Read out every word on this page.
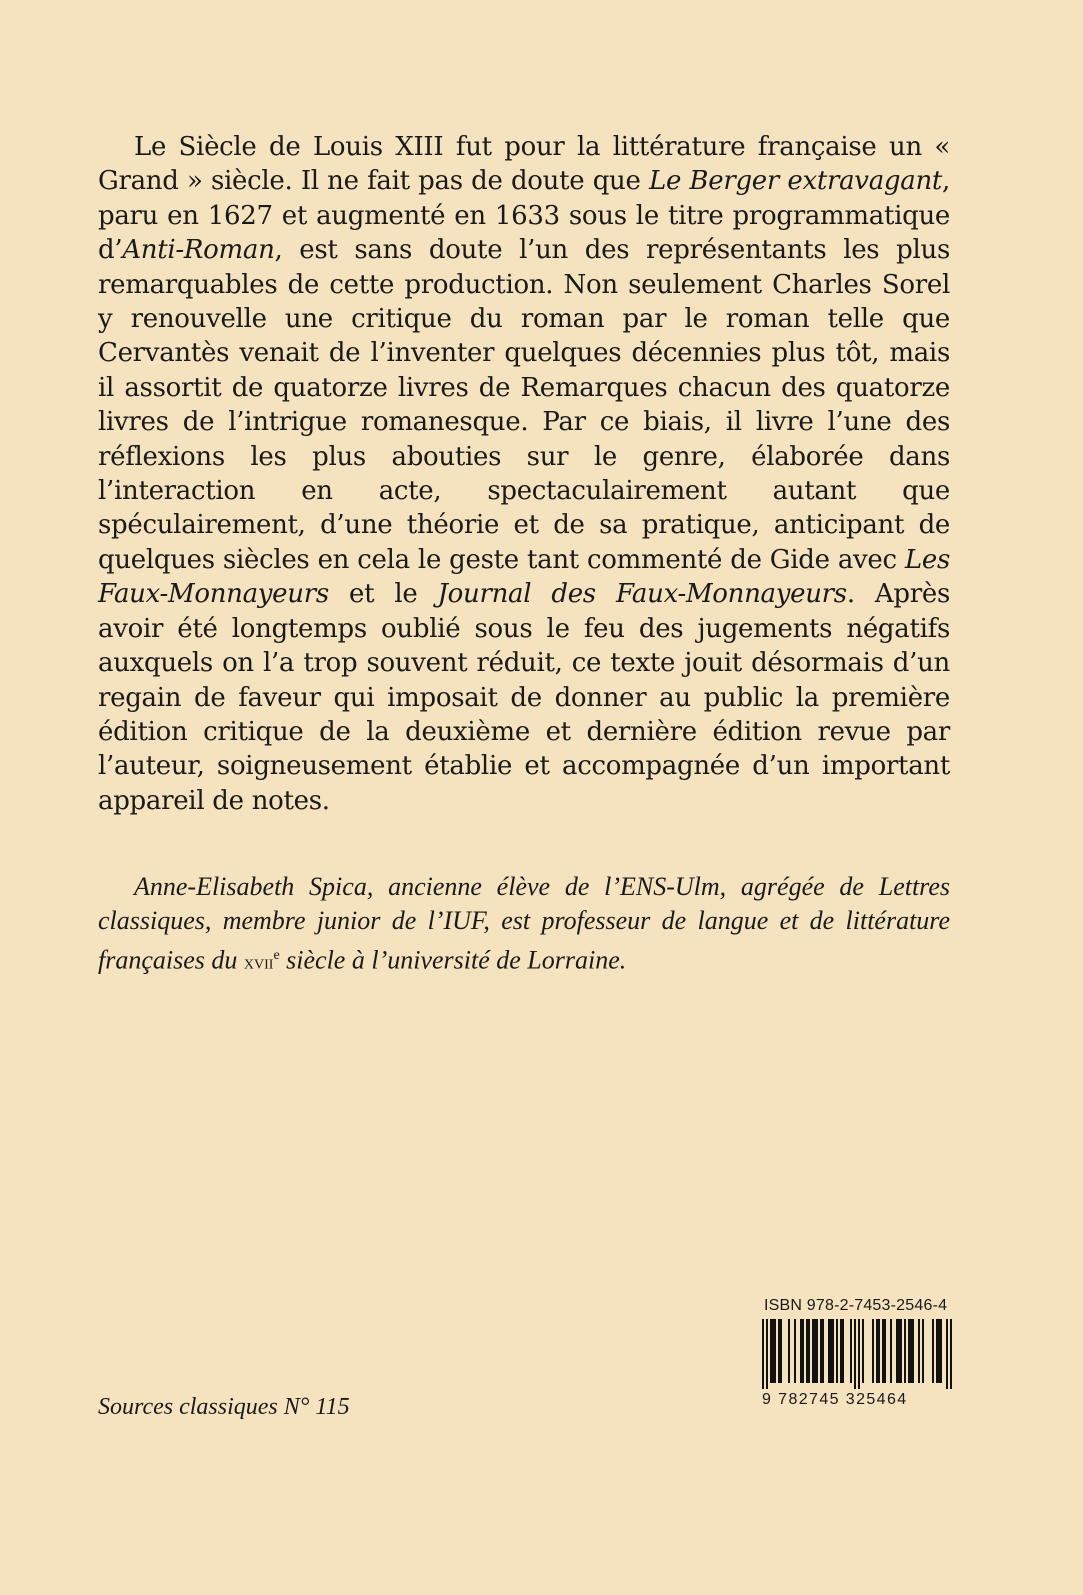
Le Siècle de Louis XIII fut pour la littérature française un « Grand » siècle. Il ne fait pas de doute que Le Berger extravagant, paru en 1627 et augmenté en 1633 sous le titre programmatique d’Anti-Roman, est sans doute l’un des représentants les plus remarquables de cette production. Non seulement Charles Sorel y renouvelle une critique du roman par le roman telle que Cervantès venait de l’inventer quelques décennies plus tôt, mais il assortit de quatorze livres de Remarques chacun des quatorze livres de l’intrigue romanesque. Par ce biais, il livre l’une des réflexions les plus abouties sur le genre, élaborée dans l’interaction en acte, spectaculairement autant que spéculairement, d’une théorie et de sa pratique, anticipant de quelques siècles en cela le geste tant commenté de Gide avec Les Faux-Monnayeurs et le Journal des Faux-Monnayeurs. Après avoir été longtemps oublié sous le feu des jugements négatifs auxquels on l’a trop souvent réduit, ce texte jouit désormais d’un regain de faveur qui imposait de donner au public la première édition critique de la deuxième et dernière édition revue par l’auteur, soigneusement établie et accompagnée d’un important appareil de notes.

Anne-Elisabeth Spica, ancienne élève de l’ENS-Ulm, agrégée de Lettres classiques, membre junior de l’IUF, est professeur de langue et de littérature françaises du xvii$^e$ siècle à l’université de Lorraine.

Sources classiques N° 115
ISBN 978-2-7453-2546-4
9 782745 325464
